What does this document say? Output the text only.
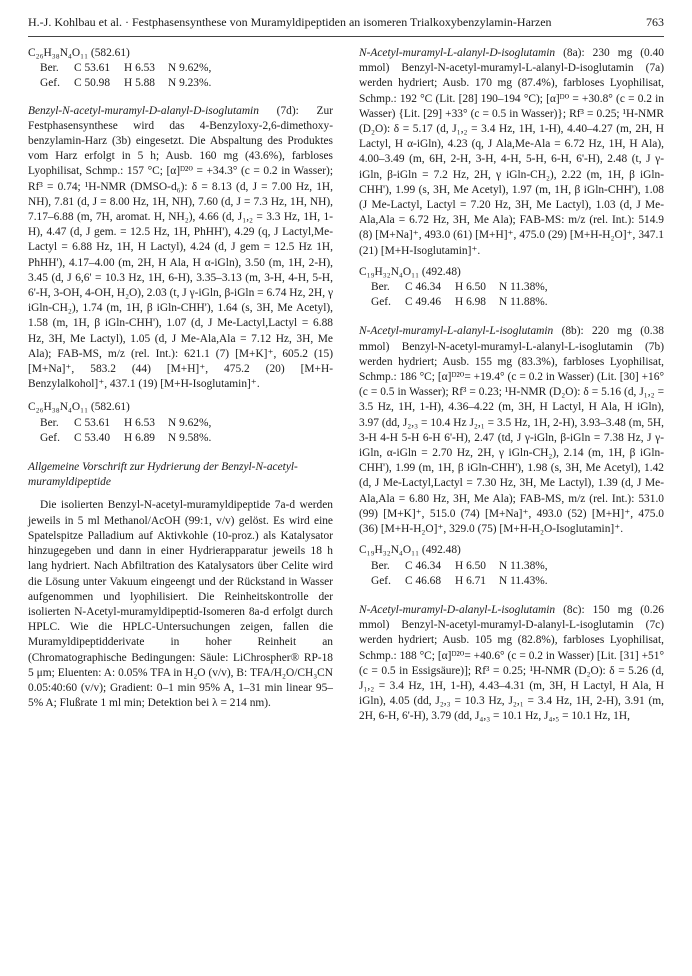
H.-J. Kohlbau et al. · Festphasensynthese von Muramyldipeptiden an isomeren Trialkoxybenzylamin-Harzen	763

C₂₆H₃₈N₄O₁₁ (582.61)

Ber.	C 53.61	H 6.53	N 9.62%,
Gef.	C 50.98	H 5.88	N 9.23%.

Benzyl-N-acetyl-muramyl-D-alanyl-D-isoglutamin (7d): Zur Festphasensynthese wird das 4-Benzyloxy-2,6-dimethoxy-benzylamin-Harz (3b) eingesetzt. Die Abspaltung des Produktes vom Harz erfolgt in 5 h; Ausb. 160 mg (43.6%), farbloses Lyophilisat, Schmp.: 157 °C; [α]ᴰ²⁰ = +34.3° (c = 0.2 in Wasser); Rf³ = 0.74; ¹H-NMR (DMSO-d₆): δ = 8.13 (d, J = 7.00 Hz, 1H, NH), 7.81 (d, J = 8.00 Hz, 1H, NH), 7.60 (d, J = 7.3 Hz, 1H, NH), 7.17–6.88 (m, 7H, aromat. H, NH₂), 4.66 (d, J₁,₂ = 3.3 Hz, 1H, 1-H), 4.47 (d, J gem. = 12.5 Hz, 1H, PhHH'), 4.29 (q, J Lactyl,Me-Lactyl = 6.88 Hz, 1H, H Lactyl), 4.24 (d, J gem = 12.5 Hz 1H, PhHH'), 4.17–4.00 (m, 2H, H Ala, H α-iGln), 3.50 (m, 1H, 2-H), 3.45 (d, J 6,6' = 10.3 Hz, 1H, 6-H), 3.35–3.13 (m, 3-H, 4-H, 5-H, 6'-H, 3-OH, 4-OH, H₂O), 2.03 (t, J γ-iGln, β-iGln = 6.74 Hz, 2H, γ iGln-CH₂), 1.74 (m, 1H, β iGln-CHH'), 1.64 (s, 3H, Me Acetyl), 1.58 (m, 1H, β iGln-CHH'), 1.07 (d, J Me-Lactyl,Lactyl = 6.88 Hz, 3H, Me Lactyl), 1.05 (d, J Me-Ala,Ala = 7.12 Hz, 3H, Me Ala); FAB-MS, m/z (rel. Int.): 621.1 (7) [M+K]⁺, 605.2 (15) [M+Na]⁺, 583.2 (44) [M+H]⁺, 475.2 (20) [M+H-Benzylalkohol]⁺, 437.1 (19) [M+H-Isoglutamin]⁺.

C₂₆H₃₈N₄O₁₁ (582.61)

Ber.	C 53.61	H 6.53	N 9.62%,
Gef.	C 53.40	H 6.89	N 9.58%.

Allgemeine Vorschrift zur Hydrierung der Benzyl-N-acetyl-muramyldipeptide

Die isolierten Benzyl-N-acetyl-muramyldipeptide 7a-d werden jeweils in 5 ml Methanol/AcOH (99:1, v/v) gelöst. Es wird eine Spatelspitze Palladium auf Aktivkohle (10-proz.) als Katalysator hinzugegeben und dann in einer Hydrierapparatur jeweils 18 h lang hydriert. Nach Abfiltration des Katalysators über Celite wird die Lösung unter Vakuum eingeengt und der Rückstand in Wasser aufgenommen und lyophilisiert. Die Reinheitskontrolle der isolierten N-Acetyl-muramyldipeptid-Isomeren 8a-d erfolgt durch HPLC. Wie die HPLC-Untersuchungen zeigen, fallen die Muramyldipeptidderivate in hoher Reinheit an (Chromatographische Bedingungen: Säule: LiChrospher® RP-18 5 μm; Eluenten: A: 0.05% TFA in H₂O (v/v), B: TFA/H₂O/CH₃CN 0.05:40:60 (v/v); Gradient: 0–1 min 95% A, 1–31 min linear 95–5% A; Flußrate 1 ml min; Detektion bei λ = 214 nm).

N-Acetyl-muramyl-L-alanyl-D-isoglutamin (8a): 230 mg (0.40 mmol) Benzyl-N-acetyl-muramyl-L-alanyl-D-isoglutamin (7a) werden hydriert; Ausb. 170 mg (87.4%), farbloses Lyophilisat, Schmp.: 192 °C (Lit. [28] 190–194 °C); [α]ᴰ⁰ = +30.8° (c = 0.2 in Wasser) {Lit. [29] +33° (c = 0.5 in Wasser)}; Rf³ = 0.25; ¹H-NMR (D₂O): δ = 5.17 (d, J₁,₂ = 3.4 Hz, 1H, 1-H), 4.40–4.27 (m, 2H, H Lactyl, H α-iGln), 4.23 (q, J Ala,Me-Ala = 6.72 Hz, 1H, H Ala), 4.00–3.49 (m, 6H, 2-H, 3-H, 4-H, 5-H, 6-H, 6'-H), 2.48 (t, J γ-iGln, β-iGln = 7.2 Hz, 2H, γ iGln-CH₂), 2.22 (m, 1H, β iGln-CHH'), 1.99 (s, 3H, Me Acetyl), 1.97 (m, 1H, β iGln-CHH'), 1.08 (J Me-Lactyl, Lactyl = 7.20 Hz, 3H, Me Lactyl), 1.03 (d, J Me-Ala,Ala = 6.72 Hz, 3H, Me Ala); FAB-MS: m/z (rel. Int.): 514.9 (8) [M+Na]⁺, 493.0 (61) [M+H]⁺, 475.0 (29) [M+H-H₂O]⁺, 347.1 (21) [M+H-Isoglutamin]⁺.

C₁₉H₃₂N₄O₁₁ (492.48)

Ber.	C 46.34	H 6.50	N 11.38%,
Gef.	C 49.46	H 6.98	N 11.88%.

N-Acetyl-muramyl-L-alanyl-L-isoglutamin (8b): 220 mg (0.38 mmol) Benzyl-N-acetyl-muramyl-L-alanyl-L-isoglutamin (7b) werden hydriert; Ausb. 155 mg (83.3%), farbloses Lyophilisat, Schmp.: 186 °C; [α]ᴰ²⁰= +19.4° (c = 0.2 in Wasser) (Lit. [30] +16° (c = 0.5 in Wasser); Rf³ = 0.23; ¹H-NMR (D₂O): δ = 5.16 (d, J₁,₂ = 3.5 Hz, 1H, 1-H), 4.36–4.22 (m, 3H, H Lactyl, H Ala, H iGln), 3.97 (dd, J₂,₃ = 10.4 Hz J₂,₁ = 3.5 Hz, 1H, 2-H), 3.93–3.48 (m, 5H, 3-H 4-H 5-H 6-H 6'-H), 2.47 (td, J γ-iGln, β-iGln = 7.38 Hz, J γ-iGln, α-iGln = 2.70 Hz, 2H, γ iGln-CH₂), 2.14 (m, 1H, β iGln-CHH'), 1.99 (m, 1H, β iGln-CHH'), 1.98 (s, 3H, Me Acetyl), 1.42 (d, J Me-Lactyl,Lactyl = 7.30 Hz, 3H, Me Lactyl), 1.39 (d, J Me-Ala,Ala = 6.80 Hz, 3H, Me Ala); FAB-MS, m/z (rel. Int.): 531.0 (99) [M+K]⁺, 515.0 (74) [M+Na]⁺, 493.0 (52) [M+H]⁺, 475.0 (36) [M+H-H₂O]⁺, 329.0 (75) [M+H-H₂O-Isoglutamin]⁺.

C₁₉H₃₂N₄O₁₁ (492.48)

Ber.	C 46.34	H 6.50	N 11.38%,
Gef.	C 46.68	H 6.71	N 11.43%.

N-Acetyl-muramyl-D-alanyl-L-isoglutamin (8c): 150 mg (0.26 mmol) Benzyl-N-acetyl-muramyl-D-alanyl-L-isoglutamin (7c) werden hydriert; Ausb. 105 mg (82.8%), farbloses Lyophilisat, Schmp.: 188 °C; [α]ᴰ²⁰= +40.6° (c = 0.2 in Wasser) [Lit. [31] +51° (c = 0.5 in Essigsäure)]; Rf³ = 0.25; ¹H-NMR (D₂O): δ = 5.26 (d, J₁,₂ = 3.4 Hz, 1H, 1-H), 4.43–4.31 (m, 3H, H Lactyl, H Ala, H iGln), 4.05 (dd, J₂,₃ = 10.3 Hz, J₂,₁ = 3.4 Hz, 1H, 2-H), 3.91 (m, 2H, 6-H, 6'-H), 3.79 (dd, J₄,₃ = 10.1 Hz, J₄,₅ = 10.1 Hz, 1H,
